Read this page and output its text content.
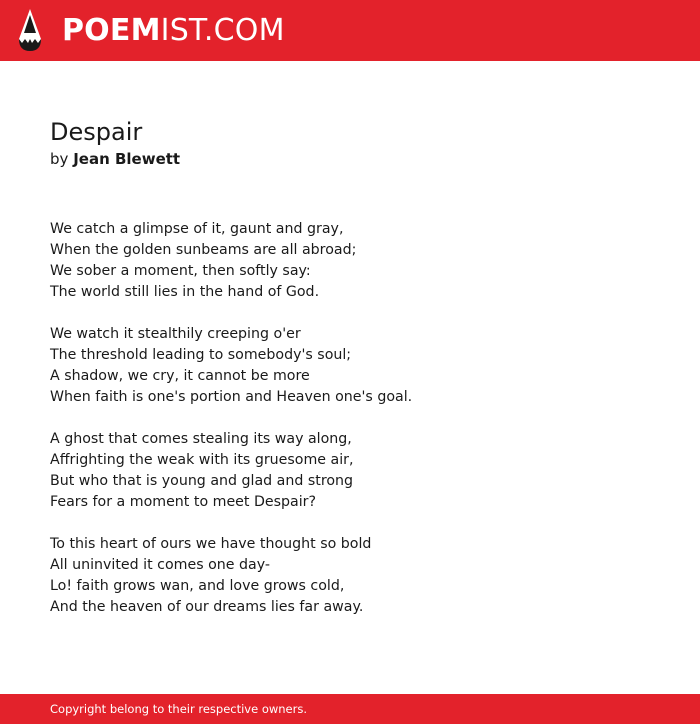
POEMIST.COM
Despair
by Jean Blewett
We catch a glimpse of it, gaunt and gray,
When the golden sunbeams are all abroad;
We sober a moment, then softly say:
The world still lies in the hand of God.
We watch it stealthily creeping o'er
The threshold leading to somebody's soul;
A shadow, we cry, it cannot be more
When faith is one's portion and Heaven one's goal.
A ghost that comes stealing its way along,
Affrighting the weak with its gruesome air,
But who that is young and glad and strong
Fears for a moment to meet Despair?
To this heart of ours we have thought so bold
All uninvited it comes one day-
Lo! faith grows wan, and love grows cold,
And the heaven of our dreams lies far away.
Copyright belong to their respective owners.
